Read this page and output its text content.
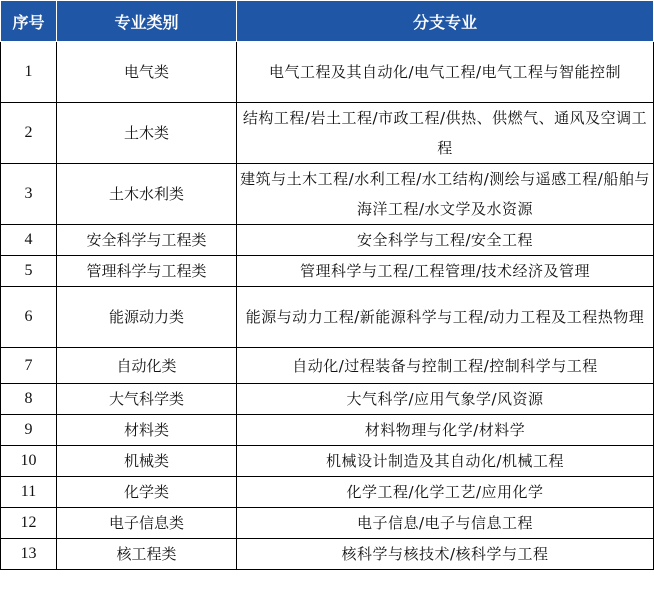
序号	专业类别	分支专业
1	电气类	电气工程及其自动化/电气工程/电气工程与智能控制
2	土木类	结构工程/岩土工程/市政工程/供热、供燃气、通风及空调工程
3	土木水利类	建筑与土木工程/水利工程/水工结构/测绘与遥感工程/船舶与海洋工程/水文学及水资源
4	安全科学与工程类	安全科学与工程/安全工程
5	管理科学与工程类	管理科学与工程/工程管理/技术经济及管理
6	能源动力类	能源与动力工程/新能源科学与工程/动力工程及工程热物理
7	自动化类	自动化/过程装备与控制工程/控制科学与工程
8	大气科学类	大气科学/应用气象学/风资源
9	材料类	材料物理与化学/材料学
10	机械类	机械设计制造及其自动化/机械工程
11	化学类	化学工程/化学工艺/应用化学
12	电子信息类	电子信息/电子与信息工程
13	核工程类	核科学与核技术/核科学与工程
